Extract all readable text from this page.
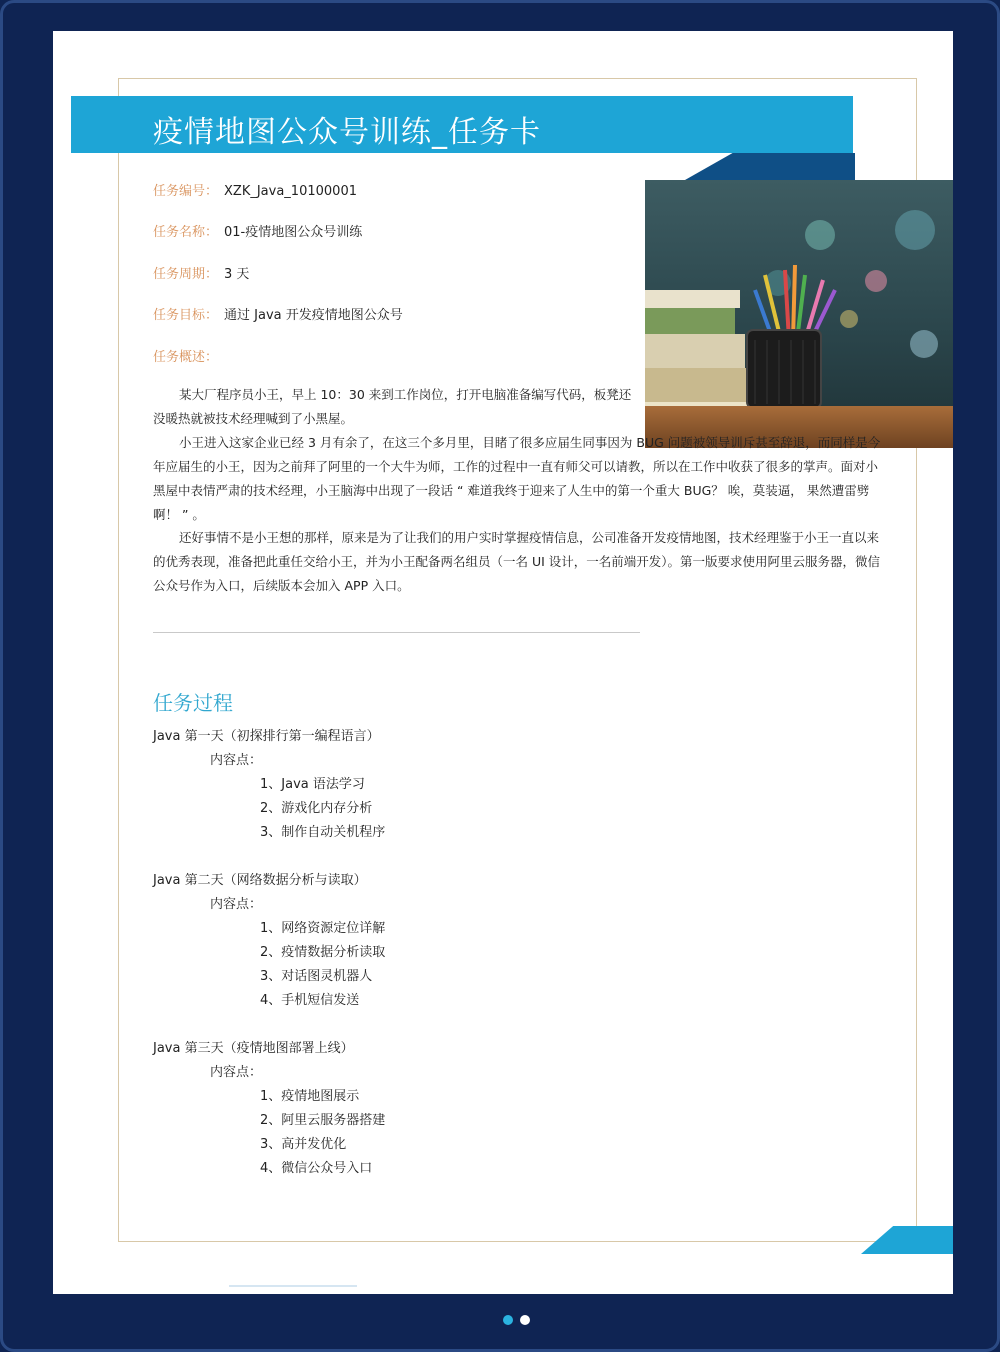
疫情地图公众号训练_任务卡
任务编号： XZK_Java_10100001
任务名称： 01-疫情地图公众号训练
任务周期： 3 天
任务目标： 通过 Java 开发疫情地图公众号
任务概述：

某大厂程序员小王，早上 10：30 来到工作岗位，打开电脑准备编写代码，板凳还没暖热就被技术经理喊到了小黑屋。

小王进入这家企业已经 3 月有余了，在这三个多月里，目睹了很多应届生同事因为 BUG 问题被领导训斥甚至辞退，而同样是今年应届生的小王，因为之前拜了阿里的一个大牛为师，工作的过程中一直有师父可以请教，所以在工作中收获了很多的掌声。面对小黑屋中表情严肃的技术经理，小王脑海中出现了一段话 “ 难道我终于迎来了人生中的第一个重大 BUG？ 唉，莫装逼， 果然遭雷劈啊！ ” 。

还好事情不是小王想的那样，原来是为了让我们的用户实时掌握疫情信息，公司准备开发疫情地图，技术经理鉴于小王一直以来的优秀表现，准备把此重任交给小王，并为小王配备两名组员（一名 UI 设计，一名前端开发）。第一版要求使用阿里云服务器，微信公众号作为入口，后续版本会加入 APP 入口。

任务过程
Java 第一天（初探排行第一编程语言）
内容点：
1、Java 语法学习
2、游戏化内存分析
3、制作自动关机程序
Java 第二天（网络数据分析与读取）
内容点：
1、网络资源定位详解
2、疫情数据分析读取
3、对话图灵机器人
4、手机短信发送
Java 第三天（疫情地图部署上线）
内容点：
1、疫情地图展示
2、阿里云服务器搭建
3、高并发优化
4、微信公众号入口
